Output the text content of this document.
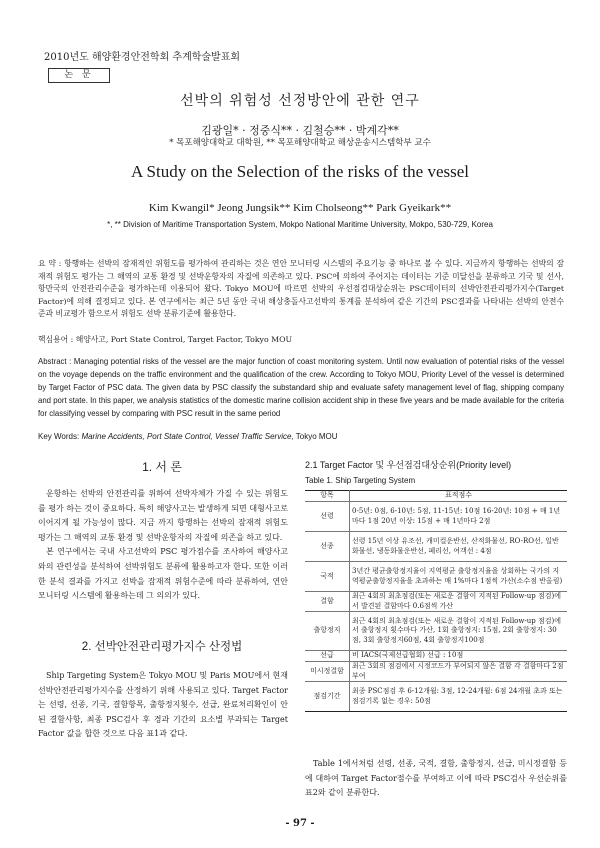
2010년도 해양환경안전학회 추계학술발표회
논 문
선박의 위험성 선정방안에 관한 연구
김광일* · 정중식** · 김철승** · 박계각**
* 목포해양대학교 대학원, ** 목포해양대학교 해상운송시스템학부 교수
A Study on the Selection of the risks of the vessel
Kim Kwangil* Jeong Jungsik** Kim Cholseong** Park Gyeikark**
*, ** Division of Maritime Transportation System, Mokpo National Maritime University, Mokpo, 530-729, Korea
요 약 : 항행하는 선박의 잠재적인 위험도를 평가하여 관리하는 것은 연안 모니터링 시스템의 주요기능 중 하나로 볼 수 있다. 지금까지 항행하는 선박의 잠재적 위험도 평가는 그 해역의 교통 환경 및 선박운항자의 자질에 의존하고 있다. PSC에 의하여 주어지는 데이터는 기준 미달선을 분류하고 기국 및 선사, 항만국의 안전관리수준을 평가하는데 이용되어 왔다. Tokyo MOU에 따르면 선박의 우선점검대상순위는 PSC데이터의 선박안전관리평가지수(Target Factor)에 의해 결정되고 있다. 본 연구에서는 최근 5년 동안 국내 해상충돌사고선박의 통계를 분석하여 같은 기간의 PSC결과를 나타내는 선박의 안전수준과 비교평가 함으로서 위험도 선박 분류기준에 활용한다.
핵심용어 : 해양사고, Port State Control, Target Factor, Tokyo MOU
Abstract : Managing potential risks of the vessel are the major function of coast monitoring system. Until now evaluation of potential risks of the vessel on the voyage depends on the traffic environment and the qualification of the crew. According to Tokyo MOU, Priority Level of the vessel is determined by Target Factor of PSC data. The given data by PSC classify the substandard ship and evaluate safety management level of flag, shipping company and port state. In this paper, we analysis statistics of the domestic marine collision accident ship in these five years and be made available for the criteria for classifying vessel by comparing with PSC result in the same period
Key Words: Marine Accidents, Port State Control, Vessel Traffic Service, Tokyo MOU
1. 서 론
운항하는 선박의 안전관리를 위하여 선박자체가 가질 수 있는 위험도를 평가 하는 것이 중요하다. 특히 해양사고는 발생하게 되면 대형사고로 이어지게 될 가능성이 많다. 지금 까지 항행하는 선박의 잠재적 위험도 평가는 그 해역의 교통 환경 및 선박운항자의 자질에 의존을 하고 있다.
본 연구에서는 국내 사고선박의 PSC 평가점수를 조사하여 해양사고와의 관련성을 분석하여 선박위험도 분류에 활용하고자 한다. 또한 이러한 분석 결과를 가지고 선박을 잠재적 위험수준에 따라 분류하여, 연안 모니터링 시스템에 활용하는데 그 의의가 있다.
2. 선박안전관리평가지수 산정법
Ship Targeting System은 Tokyo MOU 및 Paris MOU에서 현재 선박안전관리평가지수를 산정하기 위해 사용되고 있다. Target Factor 는 선령, 선종, 기국, 결함항목, 출항정지횟수, 선급, 완료처리확인이 안된 결함사항, 최종 PSC검사 후 경과 기간의 요소별 부과되는 Target Factor 값을 합한 것으로 다음 표1과 같다.
2.1 Target Factor 및 우선점검대상순위(Priority level)
Table 1. Ship Targeting System
항목	표적점수
선령	0-5년: 0점, 6-10년: 5점, 11-15년: 10점 16-20년: 10점 + 매 1년 마다 1점 20년 이상: 15점 + 매 1년마다 2점
선종	선령 15년 이상 유조선, 캐미컬운반선, 산적화물선, RO-RO선, 일반화물선, 냉동화물운반선, 페리선, 여객선 : 4점
국적	3년간 평균출항정지율이 지역평균 출항정지율을 상회하는 국가의 지역평균출항정지율을 초과하는 매 1%마다 1점씩 가산(소수점 반올림)
결함	최근 4회의 최초점검(또는 새로운 결함이 지적된 Follow-up 점검)에서 발견된 결함마다 0.6점씩 가산
출항정지	최근 4회의 최초점검(또는 새로운 결함이 지적된 Follow-up 점검)에서 출항정지 횟수마다 가산, 1회 출항정지: 15점, 2회 출항정지: 30점, 3회 출항정지60점, 4회 출항정지100점
선급	비 IACS(국제선급협회) 선급 : 10점
미시정결함	최근 3회의 점검에서 시정코드가 부여되지 않은 결함 각 결함마다 2점 부여
점검기간	최종 PSC점검 후 6-12개월: 3점, 12-24개월: 6점 24개월 초과 또는 점검기록 없는 경우: 50점
Table 1에서처럼 선령, 선종, 국적, 결함, 출항정지, 선급, 미시정결함 등에 대하여 Target Factor점수를 부여하고 이에 따라 PSC검사 우선순위를 표2와 같이 분류한다.
- 97 -
